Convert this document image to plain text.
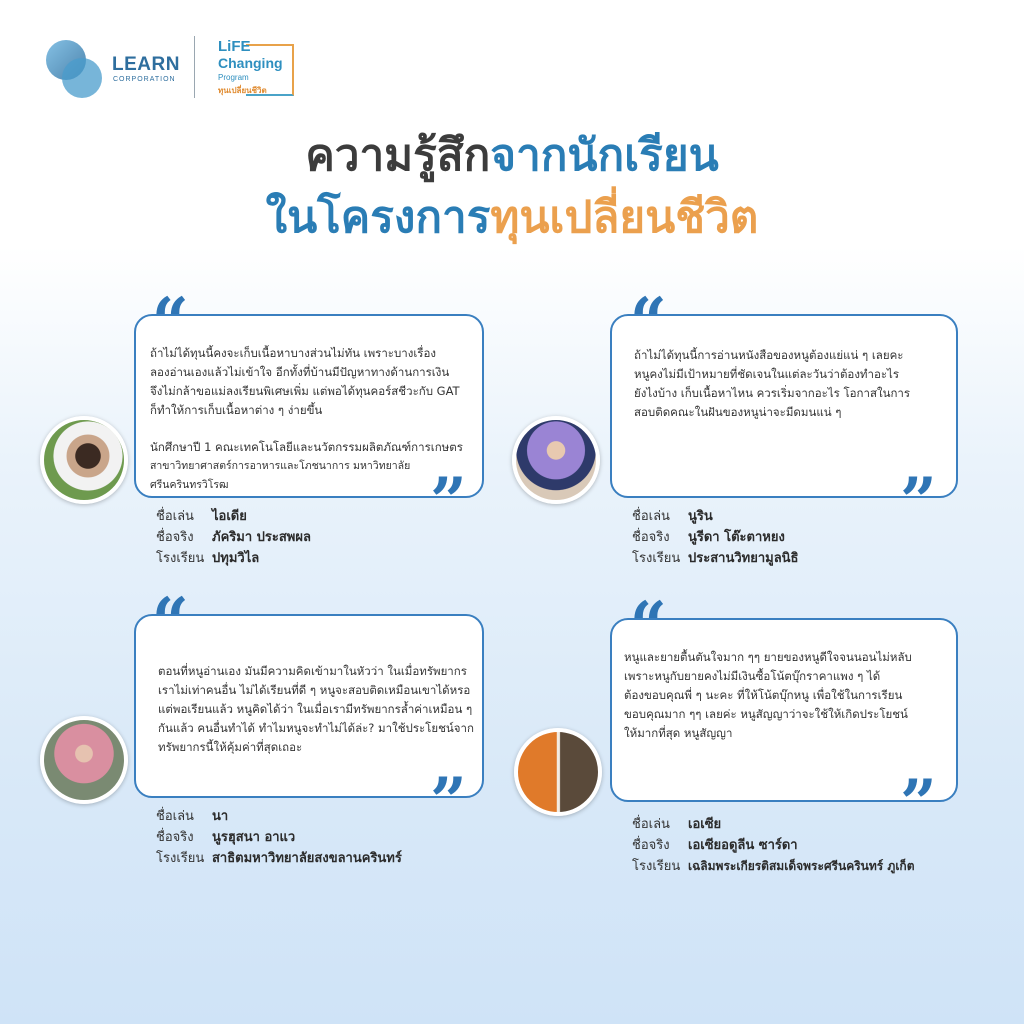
LEARN
CORPORATION
LiFE
Changing
Program
ทุนเปลี่ยนชีวิต
ความรู้สึกจากนักเรียน
ในโครงการทุนเปลี่ยนชีวิต

ถ้าไม่ได้ทุนนี้คงจะเก็บเนื้อหาบางส่วนไม่ทัน เพราะบางเรื่อง

ลองอ่านเองแล้วไม่เข้าใจ อีกทั้งที่บ้านมีปัญหาทางด้านการเงิน

จึงไม่กล้าขอแม่ลงเรียนพิเศษเพิ่ม แต่พอได้ทุนคอร์สชีวะกับ GAT

ก็ทำให้การเก็บเนื้อหาต่าง ๆ ง่ายขึ้น

นักศึกษาปี 1 คณะเทคโนโลยีและนวัตกรรมผลิตภัณฑ์การเกษตร

สาขาวิทยาศาสตร์การอาหารและโภชนาการ มหาวิทยาลัยศรีนครินทรวิโรฒ	”
ชื่อเล่น ไอเดีย
ชื่อจริง ภัคริมา ประสพผล
โรงเรียน ปทุมวิไล

ถ้าไม่ได้ทุนนี้การอ่านหนังสือของหนูต้องแย่แน่ ๆ เลยคะ

หนูคงไม่มีเป้าหมายที่ชัดเจนในแต่ละวันว่าต้องทำอะไร

ยังไงบ้าง เก็บเนื้อหาไหน ควรเริ่มจากอะไร โอกาสในการ

สอบติดคณะในฝันของหนูน่าจะมีดมนแน่ ๆ

”
ชื่อเล่น นูริน
ชื่อจริง นูรีดา โต๊ะตาหยง
โรงเรียน ประสานวิทยามูลนิธิ

ตอนที่หนูอ่านเอง มันมีความคิดเข้ามาในหัวว่า ในเมื่อทรัพยากร

เราไม่เท่าคนอื่น ไม่ได้เรียนที่ดี ๆ หนูจะสอบติดเหมือนเขาได้หรอ

แต่พอเรียนแล้ว หนูคิดได้ว่า ในเมื่อเรามีทรัพยากรล้ำค่าเหมือน ๆ

กันแล้ว คนอื่นทำได้ ทำไมหนูจะทำไม่ได้ล่ะ? มาใช้ประโยชน์จาก

ทรัพยากรนี้ให้คุ้มค่าที่สุดเถอะ

”
ชื่อเล่น นา
ชื่อจริง นูรฮุสนา อาแว
โรงเรียน สาธิตมหาวิทยาลัยสงขลานครินทร์

หนูและยายตื้นตันใจมาก ๆๆ ยายของหนูดีใจจนนอนไม่หลับ

เพราะหนูกับยายคงไม่มีเงินซื้อโน้ตบุ๊กราคาแพง ๆ ได้

ต้องขอบคุณพี่ ๆ นะคะ ที่ให้โน้ตบุ๊กหนู เพื่อใช้ในการเรียน

ขอบคุณมาก ๆๆ เลยค่ะ หนูสัญญาว่าจะใช้ให้เกิดประโยชน์

ให้มากที่สุด หนูสัญญา

”
ชื่อเล่น เอเซีย
ชื่อจริง เอเซียอดูลีน ซาร์ดา
โรงเรียน เฉลิมพระเกียรติสมเด็จพระศรีนครินทร์ ภูเก็ต
